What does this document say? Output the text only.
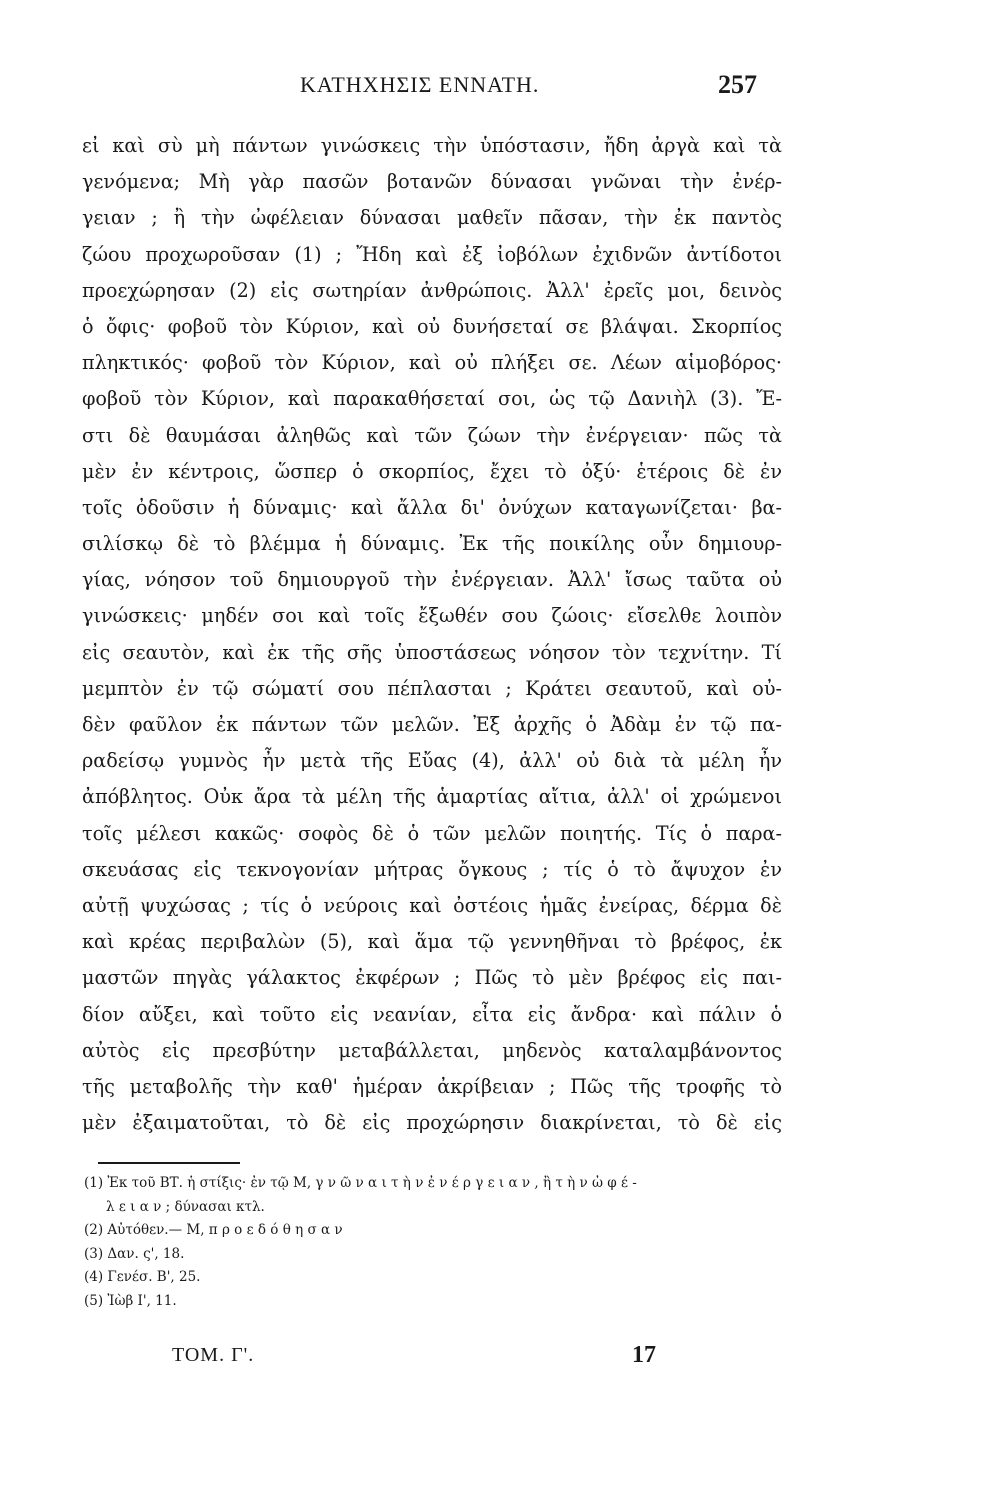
ΚΑΤΗΧΗΣΙΣ ΕΝΝΑΤΗ.	257
εἰ καὶ σὺ μὴ πάντων γινώσκεις τὴν ὑπόστασιν, ἤδη ἀργὰ καὶ τὰ
γενόμενα; Μὴ γὰρ πασῶν βοτανῶν δύνασαι γνῶναι τὴν ἐνέρ-
γειαν ; ἢ τὴν ὠφέλειαν δύνασαι μαθεῖν πᾶσαν, τὴν ἐκ παντὸς
ζώου προχωροῦσαν (1) ; Ἤδη καὶ ἐξ ἰοβόλων ἐχιδνῶν ἀντίδοτοι
προεχώρησαν (2) εἰς σωτηρίαν ἀνθρώποις. Ἀλλ' ἐρεῖς μοι, δεινὸς
ὁ ὄφις· φοβοῦ τὸν Κύριον, καὶ οὐ δυνήσεταί σε βλάψαι. Σκορπίος
πληκτικός· φοβοῦ τὸν Κύριον, καὶ οὐ πλήξει σε. Λέων αἱμοβόρος·
φοβοῦ τὸν Κύριον, καὶ παρακαθήσεταί σοι, ὡς τῷ Δανιὴλ (3). Ἔ-
στι δὲ θαυμάσαι ἀληθῶς καὶ τῶν ζώων τὴν ἐνέργειαν· πῶς τὰ
μὲν ἐν κέντροις, ὥσπερ ὁ σκορπίος, ἔχει τὸ ὀξύ· ἑτέροις δὲ ἐν
τοῖς ὀδοῦσιν ἡ δύναμις· καὶ ἄλλα δι' ὀνύχων καταγωνίζεται· βα-
σιλίσκῳ δὲ τὸ βλέμμα ἡ δύναμις. Ἐκ τῆς ποικίλης οὖν δημιουρ-
γίας, νόησον τοῦ δημιουργοῦ τὴν ἐνέργειαν. Ἀλλ' ἴσως ταῦτα οὐ
γινώσκεις· μηδέν σοι καὶ τοῖς ἔξωθέν σου ζώοις· εἴσελθε λοιπὸν
εἰς σεαυτὸν, καὶ ἐκ τῆς σῆς ὑποστάσεως νόησον τὸν τεχνίτην. Τί
μεμπτὸν ἐν τῷ σώματί σου πέπλασται ; Κράτει σεαυτοῦ, καὶ οὐ-
δὲν φαῦλον ἐκ πάντων τῶν μελῶν. Ἐξ ἀρχῆς ὁ Ἀδὰμ ἐν τῷ πα-
ραδείσῳ γυμνὸς ἦν μετὰ τῆς Εὔας (4), ἀλλ' οὐ διὰ τὰ μέλη ἦν
ἀπόβλητος. Οὐκ ἄρα τὰ μέλη τῆς ἁμαρτίας αἴτια, ἀλλ' οἱ χρώμενοι
τοῖς μέλεσι κακῶς· σοφὸς δὲ ὁ τῶν μελῶν ποιητής. Τίς ὁ παρα-
σκευάσας εἰς τεκνογονίαν μήτρας ὄγκους ; τίς ὁ τὸ ἄψυχον ἐν
αὐτῇ ψυχώσας ; τίς ὁ νεύροις καὶ ὀστέοις ἡμᾶς ἐνείρας, δέρμα δὲ
καὶ κρέας περιβαλὼν (5), καὶ ἅμα τῷ γεννηθῆναι τὸ βρέφος, ἐκ
μαστῶν πηγὰς γάλακτος ἐκφέρων ; Πῶς τὸ μὲν βρέφος εἰς παι-
δίον αὔξει, καὶ τοῦτο εἰς νεανίαν, εἶτα εἰς ἄνδρα· καὶ πάλιν ὁ
αὐτὸς εἰς πρεσβύτην μεταβάλλεται, μηδενὸς καταλαμβάνοντος
τῆς μεταβολῆς τὴν καθ' ἡμέραν ἀκρίβειαν ; Πῶς τῆς τροφῆς τὸ
μὲν ἐξαιματοῦται, τὸ δὲ εἰς προχώρησιν διακρίνεται, τὸ δὲ εἰς
(1) Ἐκ τοῦ ΒΤ. ἡ στίξις· ἐν τῷ Μ, γ ν ῶ ν α ι τ ὴ ν ἐ ν έ ρ γ ε ι α ν , ἢ τ ὴ ν ὠ φ έ -
λ ε ι α ν ; δύνασαι κτλ.
(2) Αὐτόθεν.— Μ, π ρ ο ε δ ό θ η σ α ν
(3) Δαν. ς', 18.
(4) Γενέσ. Β', 25.
(5) Ἰὼβ Ι', 11.
ΤΟΜ. Γ'.	17
